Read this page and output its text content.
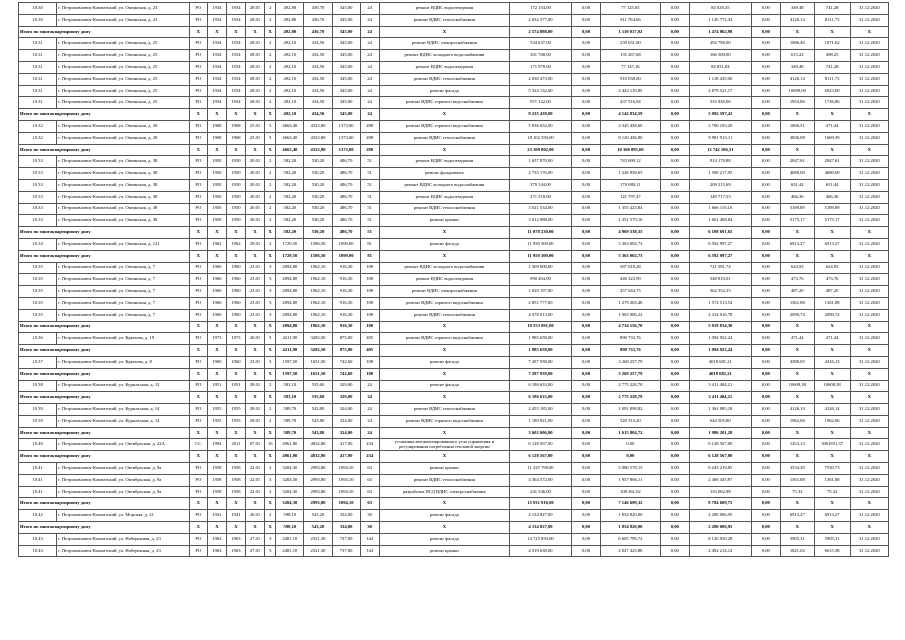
10.30	г. Петропавловск-Камчатский, ул. Океанская, д. 23	РО	1934	1934	28.01	2	492,80	436,70	345,00	24	ремонт ВДИС водоотведения	172 154,00	0,00	77 125,65	0,00	84 028,35	0,00	349,48	741,28	31.12.2020
10.30	г. Петропавловск-Камчатский, ул. Океанская, д. 23	РО	1934	1934	28.01	2	492,80	436,70	345,00	24	ремонт ВДИС теплоснабжения	2 032 577,00	0,00	911 764,66	0,00	1 120 772,34	0,00	4126,14	8111,73	31.12.2020
Итого по многоквартирному дому		X	X	X	X	X	492,80	436,70	345,00	24	X	2 574 888,00	0,00	1 110 017,02	0,00	1 474 862,98	0,00	X	X	X
10.31	г. Петропавловск-Камчатский, ул. Океанская, д. 25	РО	1934	1934	28.01	2	492,10	434,50	345,00	24	ремонт ВДИС электроснабжения	534 637,00	0,00	239 631,00	0,00	294 796,00	0,00	1086,40	1071,02	31.12.2020
10.31	г. Петропавловск-Камчатский, ул. Океанская, д. 25	РО	1934	1934	28.01	2	492,10	434,50	345,00	24	ремонт ВДИС холодного водоснабжения	301 768,00	0,00	135 267,68	0,00	166 500,00	0,00	613,22	498,25	31.12.2020
10.31	г. Петропавловск-Камчатский, ул. Океанская, д. 25	РО	1934	1934	28.01	2	492,10	434,50	345,00	24	ремонт ВДИС водоотведения	171 978,00	0,00	77 147,16	0,00	84 831,84	0,00	349,48	741,28	31.12.2020
10.31	г. Петропавловск-Камчатский, ул. Океанская, д. 25	РО	1934	1934	28.01	2	492,10	434,50	345,00	24	ремонт ВДИС теплоснабжения	2 030 473,00	0,00	910 038,00	0,00	1 118 435,00	0,00	4126,14	8111,73	31.12.2020
10.31	г. Петропавловск-Камчатский, ул. Океанская, д. 25	РО	1934	1934	28.01	2	492,10	434,50	345,00	24	ремонт фасада	5 324 132,00	0,00	2 442 110,85	0,00	2 879 521,17	0,00	10699,00	6923,00	31.12.2020
10.31	г. Петропавловск-Камчатский, ул. Океанская, д. 25	РО	1934	1934	28.01	2	492,10	434,50	345,00	24	ремонт ВДИС горячего водоснабжения	971 122,00	0,00	437 516,94	0,00	533 930,06	0,00	1953,86	1736,86	31.12.2020
Итого по многоквартирному дому		X	X	X	X	X	492,10	434,50	345,00	24	X	9 235 438,00	0,00	4 142 834,59	0,00	5 092 597,41	0,00	X	X	X
10.32	г. Петропавловск-Камчатский, ул. Океанская, д. 28	РО	1968	1968	25.01	5	4663,40	4323,80	1373,00	288	ремонт ВДИС горячего водоснабжения	5 036 652,00	0,00	2 345 458,60	0,00	2 700 193,20	0,00	1066,51	471,44	31.12.2020
10.32	г. Петропавловск-Камчатский, ул. Океанская, д. 28	РО	1968	1968	25.01	5	4663,40	4323,80	1373,00	288	ремонт ВДИС теплоснабжения	18 102 350,00	0,00	8 120 436,80	0,00	9 981 913,11	0,00	3836,08	1669,39	31.12.2020
Итого по многоквартирному дому		X	X	X	X	X	4663,40	4323,80	1373,00	288	X	23 100 002,00	0,00	10 360 895,69	0,00	12 742 106,31	0,00	X	X	X
10.33	г. Петропавловск-Камчатский, ул. Океанская, д. 38	РО	1950	1950	20.01	2	582,20	530,20	486,70	51	ремонт ВДИС водоотведения	1 657 870,00	0,00	743 699,12	0,00	914 170,88	0,00	2847,61	2847,61	31.12.2020
10.33	г. Петропавловск-Камчатский, ул. Океанская, д. 38	РО	1950	1950	20.01	2	582,20	530,20	486,70	51	ремонт фундамента	2 735 176,00	0,00	1 226 958,65	0,00	1 508 217,95	0,00	4680,00	4680,00	31.12.2020
10.33	г. Петропавловск-Камчатский, ул. Океанская, д. 38	РО	1950	1950	20.01	2	582,20	530,20	486,70	51	ремонт ВДИС холодного водоснабжения	379 144,00	0,00	170 080,11	0,00	209 215,69	0,00	651,44	651,44	31.12.2020
10.33	г. Петропавловск-Камчатский, ул. Океанская, д. 38	РО	1950	1950	20.01	2	582,20	530,20	486,70	51	ремонт ВДИС водоотведения	271 518,00	0,00	121 797,47	0,00	149 717,53	0,00	466,36	466,36	31.12.2020
10.33	г. Петропавловск-Камчатский, ул. Океанская, д. 38	РО	1950	1950	20.01	2	582,20	530,20	486,70	51	ремонт ВДИС теплоснабжения	3 021 534,00	0,00	1 355 423,84	0,00	1 666 110,16	0,00	5189,89	5189,89	31.12.2020
10.33	г. Петропавловск-Камчатский, ул. Океанская, д. 38	РО	1950	1950	20.01	2	582,20	530,20	486,70	51	ремонт крыши	3 012 988,00	0,00	1 351 579,16	0,00	1 661 408,84	0,00	5175,17	5175,17	31.12.2020
Итого по многоквартирному дому		X	X	X	X	X	582,20	530,20	486,70	51	X	11 078 230,00	0,00	4 969 538,35	0,00	6 108 691,65	0,00	X	X	X
10.34	г. Петропавловск-Камчатский, ул. Океанская, д. 121	РО	1962	1962	29.01	2	1729,50	1586,50	1099,00	81	ремонт фасада	11 950 300,00	0,00	5 363 002,73	0,00	6 592 997,27	0,00	6913,27	6913,27	31.12.2020
Итого по многоквартирному дому		X	X	X	X	X	1729,50	1586,50	1099,00	81	X	11 950 300,00	0,00	5 363 002,73	0,00	6 592 997,27	0,00	X	X	X
10.35	г. Петропавловск-Камчатский, ул. Океанская, д. 7	РО	1960	1960	23.01	3	2094,80	1962,10	916,30	108	ремонт ВДИС холодного водоснабжения	1 309 600,00	0,00	587 018,28	0,00	721 581,74	0,00	624,93	624,93	31.12.2020
10.35	г. Петропавловск-Камчатский, ул. Океанская, д. 7	РО	1960	1960	23.01	3	2094,80	1962,10	916,30	108	ремонт ВДИС водоотведения	990 404,00	0,00	446 323,99	0,00	548 810,01	0,00	473,76	473,76	31.12.2020
10.35	г. Петропавловск-Камчатский, ул. Океанская, д. 7	РО	1960	1960	23.01	3	2094,80	1962,10	916,30	108	ремонт ВДИС электроснабжения	1 020 197,00	0,00	457 644,75	0,00	562 552,25	0,00	487,20	487,20	31.12.2020
10.35	г. Петропавловск-Камчатский, ул. Океанская, д. 7	РО	1960	1960	23.01	3	2094,80	1962,10	916,30	108	ремонт ВДИС горячего водоснабжения	2 851 777,00	0,00	1 279 263,48	0,00	1 572 513,52	0,00	1361,88	1361,88	31.12.2020
10.35	г. Петропавловск-Камчатский, ул. Океанская, д. 7	РО	1960	1960	23.01	3	2094,80	1962,10	916,30	108	ремонт ВДИС теплоснабжения	4 378 013,00	0,00	1 963 906,22	0,00	2 414 016,78	0,00	2090,74	2090,74	31.12.2020
Итого по многоквартирному дому		X	X	X	X	X	2094,80	1962,10	916,30	108	X	10 553 991,00	0,00	4 734 156,70	0,00	5 819 834,30	0,00	X	X	X
10.36	г. Петропавловск-Камчатский, ул. Крылова, д. 19	РО	1973	1973	20.01	5	4211,90	3282,50	875,00	405	ремонт ВДИС горячего водоснабжения	1 985 658,00	0,00	890 733,76	0,00	1 094 922,24	0,00	471,44	471,44	31.12.2020
Итого по многоквартирному дому		X	X	X	X	X	4211,90	3282,50	875,00	405	X	1 985 658,00	0,00	890 733,76	0,00	1 094 922,24	0,00	X	X	X
10.37	г. Петропавловск-Камчатский, ул. Крылова, д. 8	РО	1960	1960	23.01	3	1597,50	1651,50	742,60	108	ремонт фасада	7 287 938,00	0,00	3 269 257,79	0,00	4018 681,21	0,00	4380,05	4416,13	31.12.2020
Итого по многоквартирному дому		X	X	X	X	X	1597,50	1651,50	742,60	108	X	7 287 939,00	0,00	3 269 257,79	0,00	4018 681,21	0,00	X	X	X
10.38	г. Петропавловск-Камчатский, ул. Курильская, д. 12	РО	1951	1951	28.01	2	583,10	535,60	329,00	24	ремонт фасада	6 186 633,00	0,00	2 775 228,70	0,00	3 411 404,21	0,00	10608,38	10608,38	31.12.2020
Итого по многоквартирному дому		X	X	X	X	X	583,10	535,60	329,00	24	X	6 186 633,00	0,00	2 775 228,79	0,00	3 411 404,21	0,00	X	X	X
10.39	г. Петропавловск-Камчатский, ул. Курильская, д. 14	РО	1955	1955	28.01	2	589,70	543,80	324,00	24	ремонт ВДИС теплоснабжения	2 455 185,00	0,00	1 091 098,82	0,00	1 361 085,18	0,00	4126,14	4126,14	31.12.2020
10.39	г. Петропавловск-Камчатский, ул. Курильская, д. 14	РО	1955	1955	28.01	2	589,70	543,80	324,00	24	ремонт ВДИС горячего водоснабжения	1 180 821,00	0,00	520 313,20	0,00	644 505,80	0,00	1962,06	1962,06	31.12.2020
Итого по многоквартирному дому		X	X	X	X	X	589,70	543,80	324,00	24	X	3 602 006,00	0,00	1 615 804,72	0,00	1 986 201,28	0,00	X	X	X
10.40	г. Петропавловск-Камчатский, ул. Октябрьская, д. 22А	СС	1994	2011	07.01	16	4961,80	4832,80	417,00	234	установка автоматизированного узла управления и регулирования потребления тепловой энергии	6 128 567,00	0,00	0,00	0,00	6 128 567,00	0,00	1253,13	3061831,37	31.12.2020
Итого по многоквартирному дому		X	X	X	X	X	4961,80	4832,80	417,00	234	X	6 128 567,00	0,00	0,00	0,00	6 128 567,00	0,00	X	X	X
10.41	г. Петропавловск-Камчатский, ул. Октябрьская, д. 9а	РО	1958	1958	22.01	3	3204,30	2993,80	1094,10	63	ремонт крыши	11 325 798,00	0,00	5 080 578,15	0,00	6 245 219,85	0,00	3534,30	7530,73	31.12.2020
10.41	г. Петропавловск-Камчатский, ул. Октябрьская, д. 9а	РО	1958	1958	22.01	3	3204,30	2993,80	1094,10	63	ремонт ВДИС теплоснабжения	4 364 572,00	0,00	1 957 866,11	0,00	2 406 345,97	0,00	1361,88	1361,88	31.12.2020
10.41	г. Петропавловск-Камчатский, ул. Октябрьская, д. 9а	РО	1958	1958	22.01	3	3204,30	2993,80	1094,10	63	разработка ПСД ВДИС электроснабжения	241 546,00	0,00	108 261,02	0,00	133 062,98	0,00	75,32	75,32	31.12.2020
Итого по многоквартирному дому		X	X	X	X	X	3204,30	2993,80	1094,10	63	X	15 931 916,00	0,00	7 146 699,32	0,00	8 784 689,75	0,00	X	X	X
10.42	г. Петропавловск-Камчатский, ул. Морская, д. 21	РО	1941	1941	26.01	2	598,10	543,20	334,00	30	ремонт фасада	4 134 827,00	0,00	1 854 820,00	0,00	2 280 006,95	0,00	6913,27	6913,27	31.12.2020
Итого по многоквартирному дому		X	X	X	X	X	598,10	543,20	334,00	30	X	4 134 827,00	0,00	1 854 820,00	0,00	2 280 006,95	0,00	X	X	X
10.43	г. Петропавловск-Камчатский, ул. Набережная, д. 23	РО	1963	1963	27.01	3	2481,10	2321,30	737,00	144	ремонт фасада	14 725 850,00	0,00	6 605 799,72	0,00	8 120 050,28	0,00	5905,31	5905,31	31.12.2020
10.43	г. Петропавловск-Камчатский, ул. Набережная, д. 23	РО	1963	1963	27.01	3	2481,10	2321,30	737,00	144	ремонт крыши	4 519 638,00	0,00	2 027 423,88	0,00	2 492 214,12	0,00	1821,02	6615,38	31.12.2020
